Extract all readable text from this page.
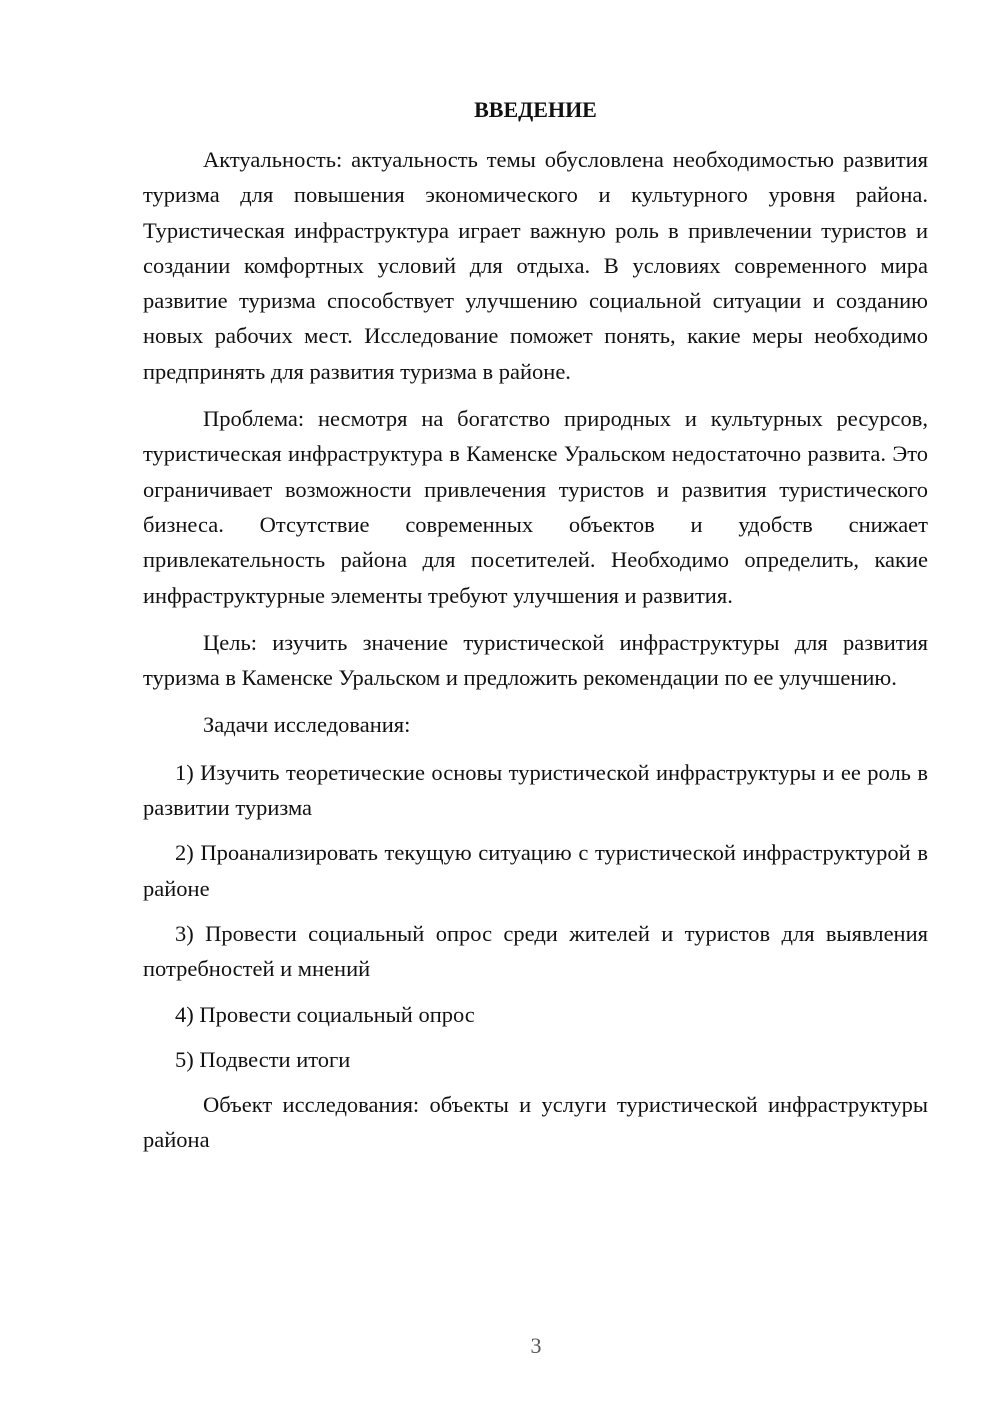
ВВЕДЕНИЕ

Актуальность: актуальность темы обусловлена необходимостью развития туризма для повышения экономического и культурного уровня района. Туристическая инфраструктура играет важную роль в привлечении туристов и создании комфортных условий для отдыха. В условиях современного мира развитие туризма способствует улучшению социальной ситуации и созданию новых рабочих мест. Исследование поможет понять, какие меры необходимо предпринять для развития туризма в районе.

Проблема: несмотря на богатство природных и культурных ресурсов, туристическая инфраструктура в Каменске Уральском недостаточно развита. Это ограничивает возможности привлечения туристов и развития туристического бизнеса. Отсутствие современных объектов и удобств снижает привлекательность района для посетителей. Необходимо определить, какие инфраструктурные элементы требуют улучшения и развития.

Цель: изучить значение туристической инфраструктуры для развития туризма в Каменске Уральском и предложить рекомендации по ее улучшению.

Задачи исследования:

1) Изучить теоретические основы туристической инфраструктуры и ее роль в развитии туризма

2) Проанализировать текущую ситуацию с туристической инфраструктурой в районе

3) Провести социальный опрос среди жителей и туристов для выявления потребностей и мнений

4) Провести социальный опрос

5) Подвести итоги

Объект исследования: объекты и услуги туристической инфраструктуры района

3
